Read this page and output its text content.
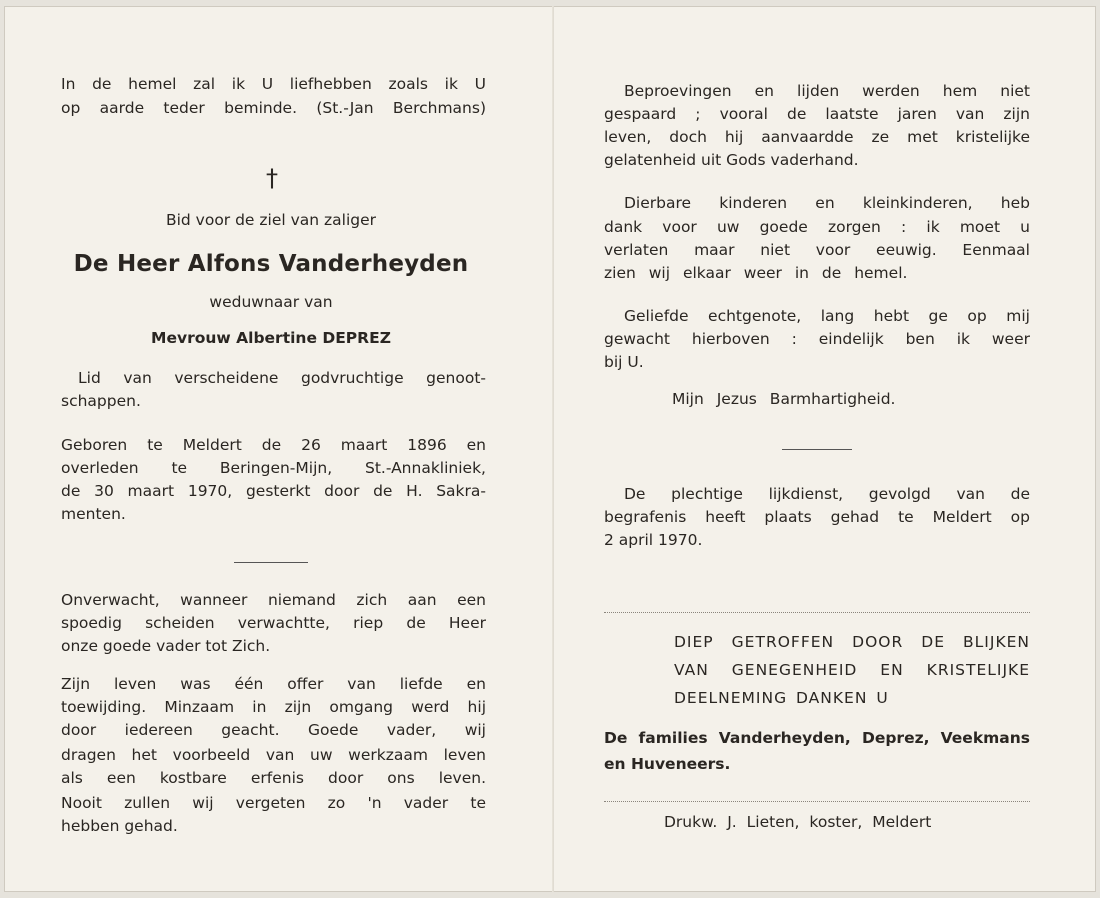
In de hemel zal ik U liefhebben zoals ik U

op aarde teder beminde. (St.-Jan Berchmans)

†

Bid voor de ziel van zaliger

De Heer Alfons Vanderheyden

weduwnaar van

Mevrouw Albertine DEPREZ

Lid van verscheidene godvruchtige genoot-

schappen.

Geboren te Meldert de 26 maart 1896 en

overleden te Beringen-Mijn, St.-Annakliniek,

de 30 maart 1970, gesterkt door de H. Sakra-

menten.

Onverwacht, wanneer niemand zich aan een

spoedig scheiden verwachtte, riep de Heer

onze goede vader tot Zich.

Zijn leven was één offer van liefde en

toewijding. Minzaam in zijn omgang werd hij

door iedereen geacht. Goede vader, wij

dragen het voorbeeld van uw werkzaam leven

als een kostbare erfenis door ons leven.

Nooit zullen wij vergeten zo 'n vader te

hebben gehad.

Beproevingen en lijden werden hem niet

gespaard ; vooral de laatste jaren van zijn

leven, doch hij aanvaardde ze met kristelijke

gelatenheid uit Gods vaderhand.

Dierbare kinderen en kleinkinderen, heb

dank voor uw goede zorgen : ik moet u

verlaten maar niet voor eeuwig. Eenmaal

zien wij elkaar weer in de hemel.

Geliefde echtgenote, lang hebt ge op mij

gewacht hierboven : eindelijk ben ik weer

bij U.

Mijn Jezus Barmhartigheid.

De plechtige lijkdienst, gevolgd van de

begrafenis heeft plaats gehad te Meldert op

2 april 1970.

DIEP GETROFFEN DOOR DE BLIJKEN

VAN GENEGENHEID EN KRISTELIJKE

DEELNEMING DANKEN U

De families Vanderheyden, Deprez, Veekmans

en Huveneers.

Drukw. J. Lieten, koster, Meldert
